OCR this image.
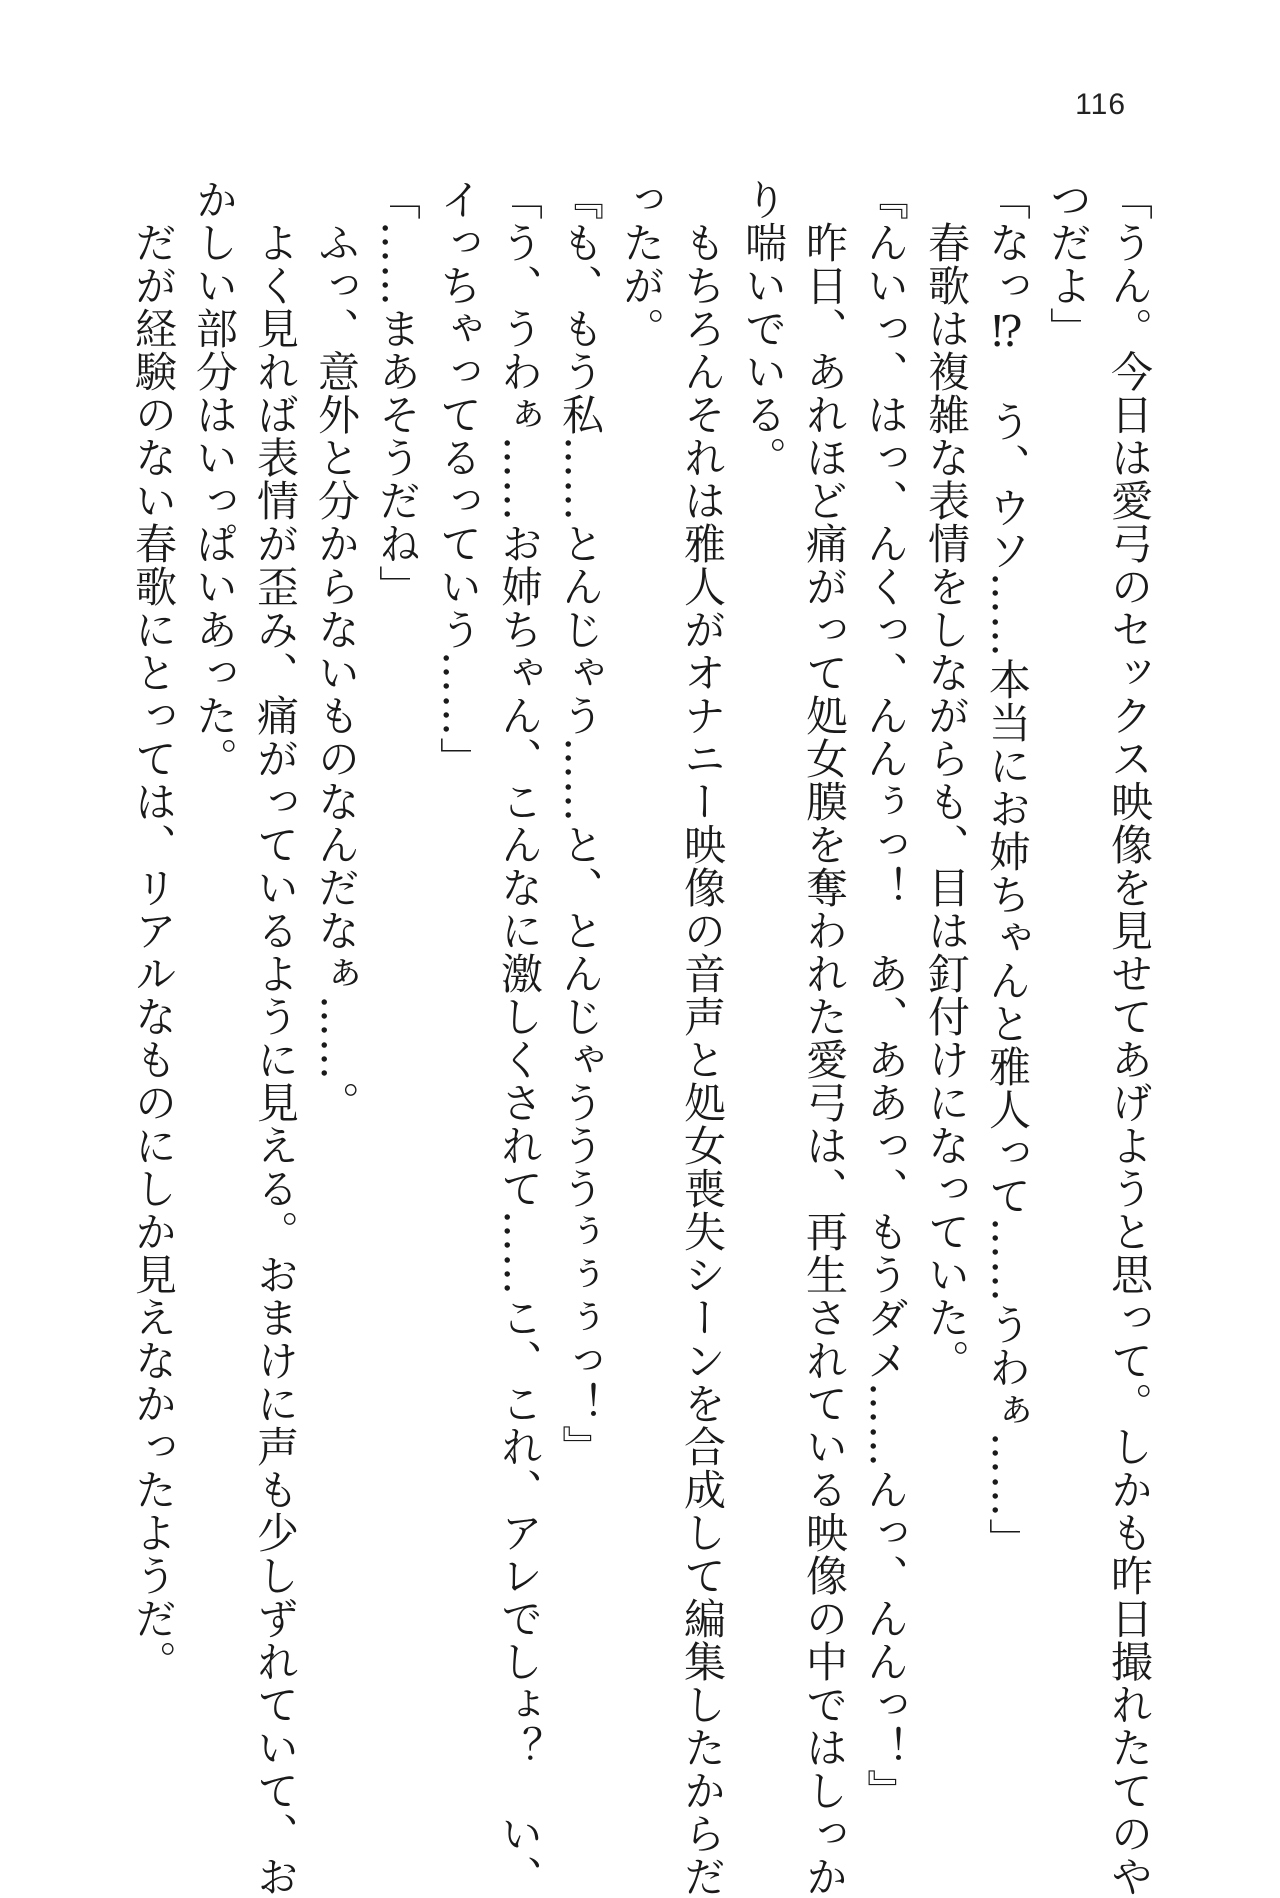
116
「うん。今日は愛弓のセックス映像を見せてあげようと思って。しかも昨日撮れたてのや
つだよ」
「なっ⁉　う、ウソ……本当にお姉ちゃんと雅人って……うわぁ……」
　春歌は複雑な表情をしながらも、目は釘付けになっていた。
『んいっ、はっ、んくっ、んんぅっ！　あ、ああっ、もうダメ……んっ、んんっ！』
　昨日、あれほど痛がって処女膜を奪われた愛弓は、再生されている映像の中ではしっか
り喘いでいる。
　もちろんそれは雅人がオナニー映像の音声と処女喪失シーンを合成して編集したからだ
ったが。
『も、もう私……とんじゃう……と、とんじゃうううぅぅぅっ！』
「う、うわぁ……お姉ちゃん、こんなに激しくされて……こ、これ、アレでしょ？　い、
イっちゃってるっていう……」
「……まあそうだね」
　ふっ、意外と分からないものなんだなぁ……。
　よく見れば表情が歪み、痛がっているように見える。おまけに声も少しずれていて、お
かしい部分はいっぱいあった。
　だが経験のない春歌にとっては、リアルなものにしか見えなかったようだ。
